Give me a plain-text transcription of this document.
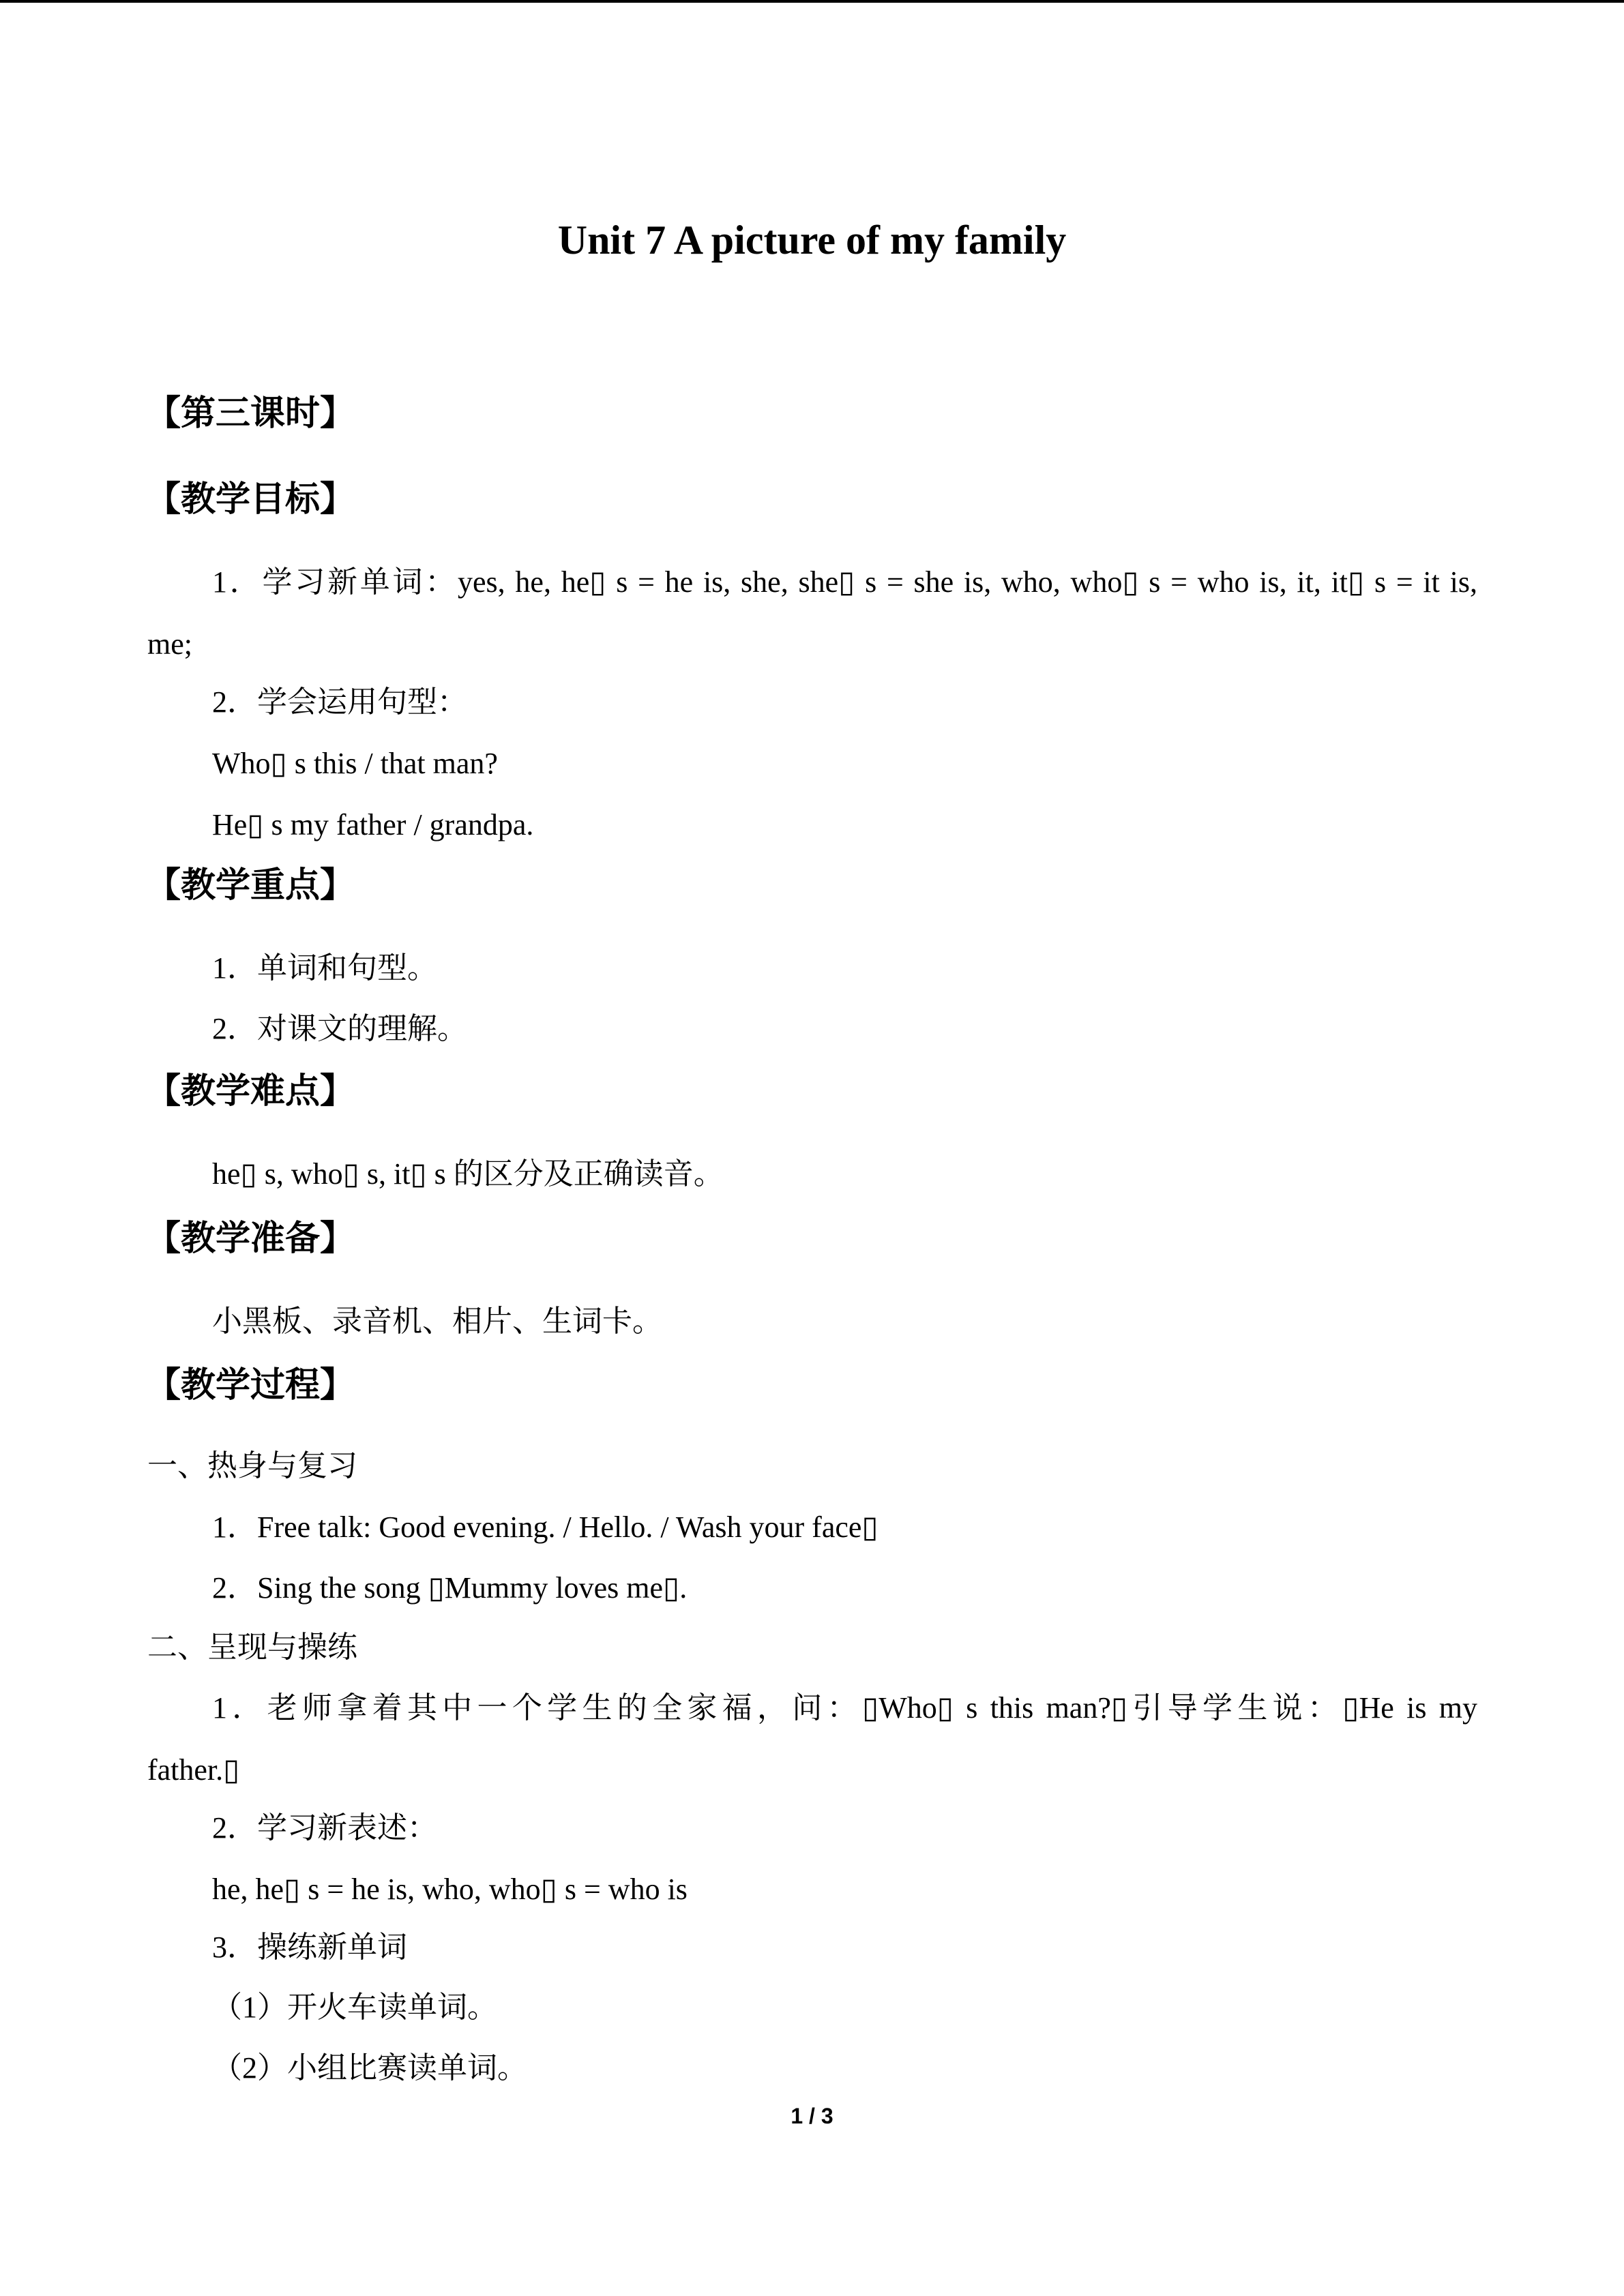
Unit 7 A picture of my family
【第三课时】
【教学目标】
1．学习新单词：yes, he, he▯ s = he is, she, she▯ s = she is, who, who▯ s = who is, it, it▯ s = it is,
me;
2．学会运用句型：
Who▯ s this / that man?
He▯ s my father / grandpa.
【教学重点】
1．单词和句型。
2．对课文的理解。
【教学难点】
he▯ s, who▯ s, it▯ s 的区分及正确读音。
【教学准备】
小黑板、录音机、相片、生词卡。
【教学过程】
一、热身与复习
1．Free talk: Good evening. / Hello. / Wash your face▯
2．Sing the song ▯Mummy loves me▯.
二、呈现与操练
1．老师拿着其中一个学生的全家福，问：▯Who▯ s this man?▯引导学生说：▯He is my
father.▯
2．学习新表述：
he, he▯ s = he is, who, who▯ s = who is
3．操练新单词
（1）开火车读单词。
（2）小组比赛读单词。
1 / 3
